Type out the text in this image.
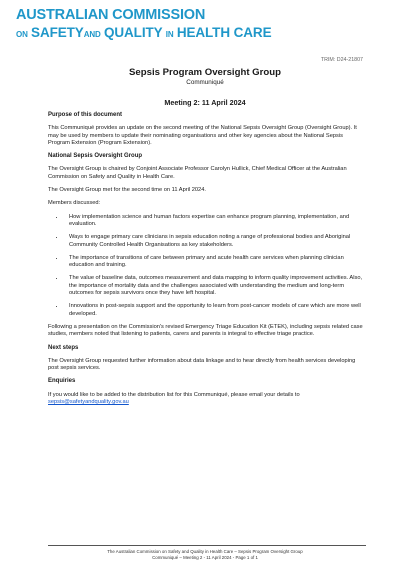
AUSTRALIAN COMMISSION
ON SAFETYAND QUALITY IN HEALTH CARE
TRIM: D24-21807
Sepsis Program Oversight Group
Communiqué
Meeting 2: 11 April 2024
Purpose of this document

This Communiqué provides an update on the second meeting of the National Sepsis Oversight Group (Oversight Group). It may be used by members to update their nominating organisations and other key agencies about the National Sepsis Program Extension (Program Extension).

National Sepsis Oversight Group

The Oversight Group is chaired by Conjoint Associate Professor Carolyn Hullick, Chief Medical Officer at the Australian Commission on Safety and Quality in Health Care.

The Oversight Group met for the second time on 11 April 2024.

Members discussed:

• How implementation science and human factors expertise can enhance program planning, implementation, and evaluation.
• Ways to engage primary care clinicians in sepsis education noting a range of professional bodies and Aboriginal Community Controlled Health Organisations as key stakeholders.
• The importance of transitions of care between primary and acute health care services when planning clinician education and training.
• The value of baseline data, outcomes measurement and data mapping to inform quality improvement activities. Also, the importance of mortality data and the challenges associated with understanding the medium and long-term outcomes for sepsis survivors once they have left hospital.
• Innovations in post-sepsis support and the opportunity to learn from post-cancer models of care which are more well developed.

Following a presentation on the Commission's revised Emergency Triage Education Kit (ETEK), including sepsis related case studies, members noted that listening to patients, carers and parents is integral to effective triage practice.

Next steps

The Oversight Group requested further information about data linkage and to hear directly from health services developing post sepsis services.

Enquiries

If you would like to be added to the distribution list for this Communiqué, please email your details to sepsis@safetyandquality.gov.au

The Australian Commission on Safety and Quality in Health Care – Sepsis Program Oversight Group
Communiqué – Meeting 2 - 11 April 2024 - Page 1 of 1
